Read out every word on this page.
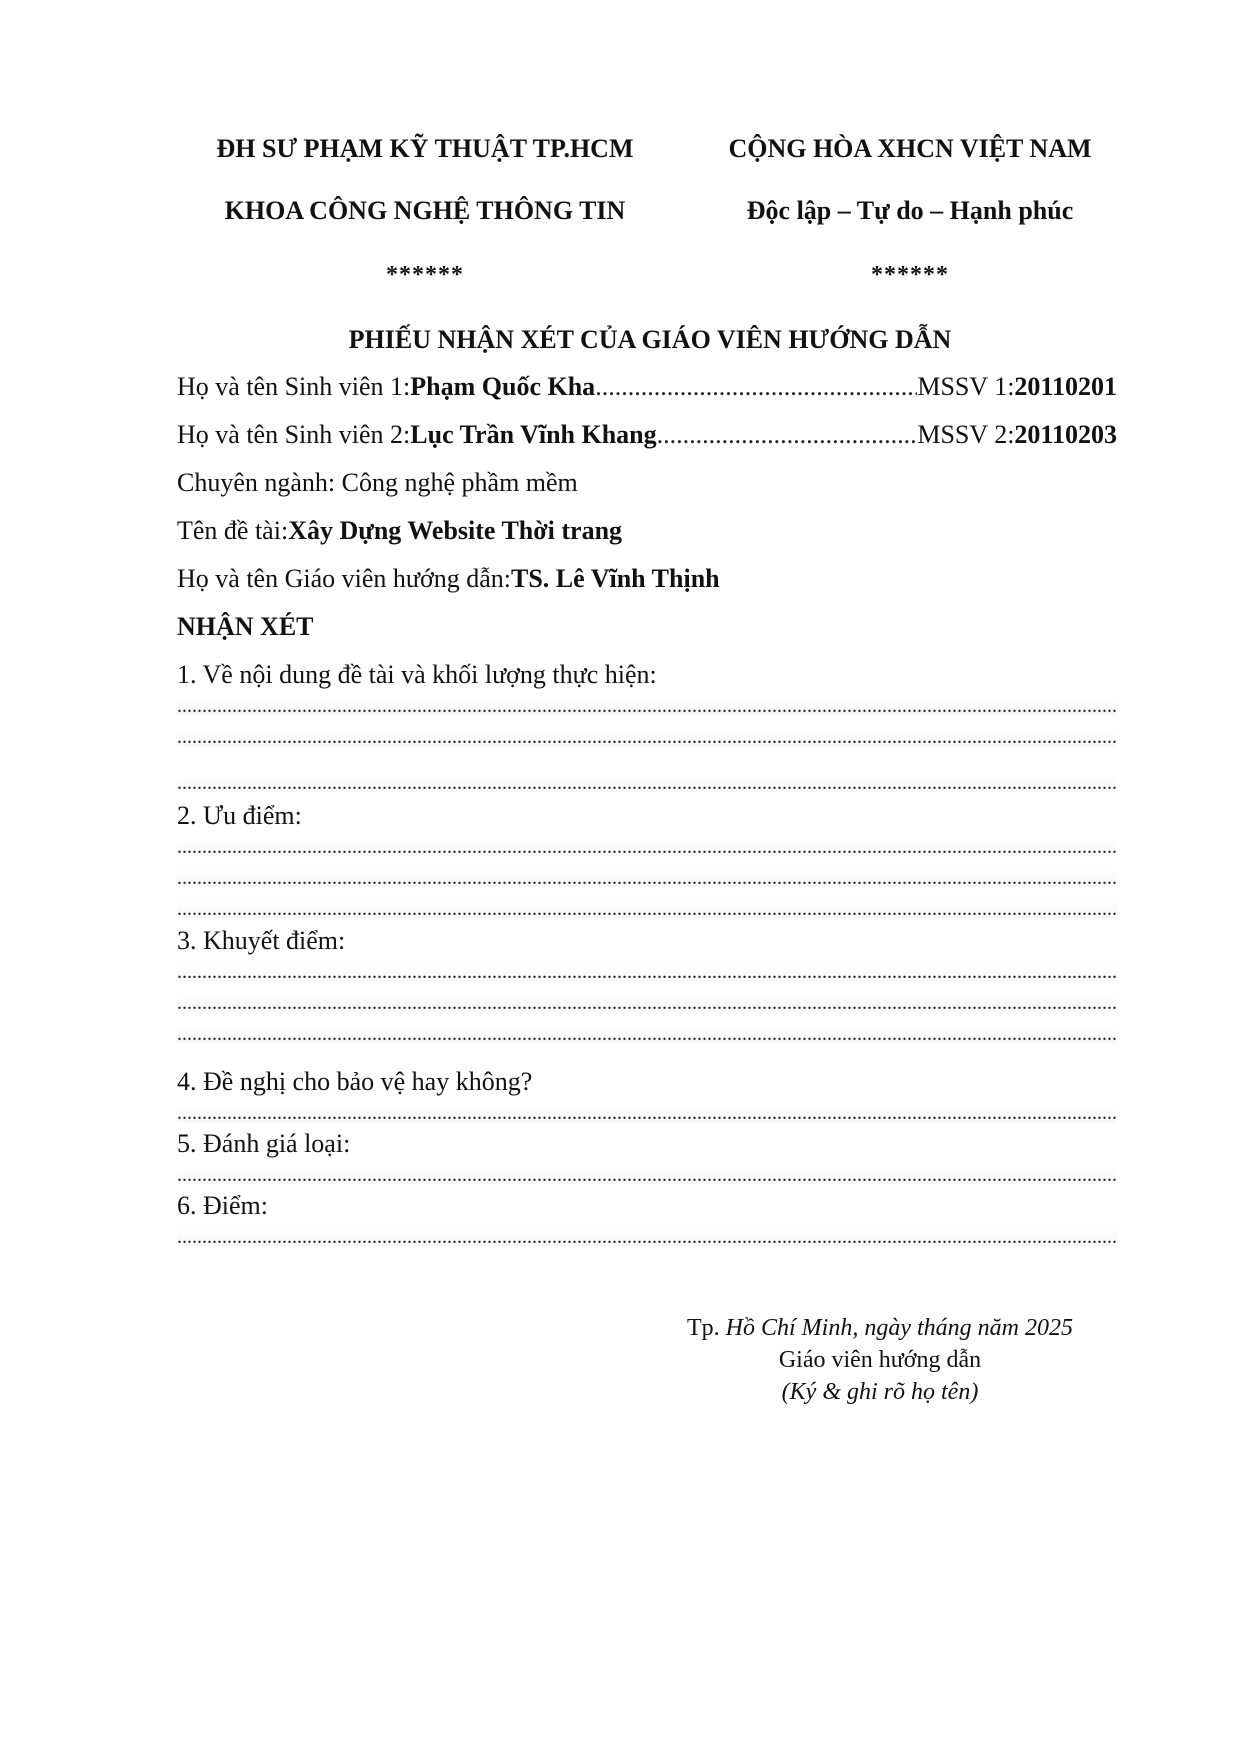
ĐH SƯ PHẠM KỸ THUẬT TP.HCM
KHOA CÔNG NGHỆ THÔNG TIN
******
CỘNG HÒA XHCN VIỆT NAM
Độc lập – Tự do – Hạnh phúc
******
PHIẾU NHẬN XÉT CỦA GIÁO VIÊN HƯỚNG DẪN
Họ và tên Sinh viên 1: Phạm Quốc Kha .....	MSSV 1: 20110201
Họ và tên Sinh viên 2: Lục Trần Vĩnh Khang .....	MSSV 2: 20110203
Chuyên ngành: Công nghệ phầm mềm
Tên đề tài: Xây Dựng Website Thời trang
Họ và tên Giáo viên hướng dẫn: TS. Lê Vĩnh Thịnh
NHẬN XÉT
1. Về nội dung đề tài và khối lượng thực hiện:
.....
.....
.....
2. Ưu điểm:
.....
.....
.....
3. Khuyết điểm:
.....
.....
.....
4. Đề nghị cho bảo vệ hay không?
.....
5. Đánh giá loại:
.....
6. Điểm:
.....
Tp. Hồ Chí Minh, ngày tháng năm 2025
Giáo viên hướng dẫn
(Ký & ghi rõ họ tên)
